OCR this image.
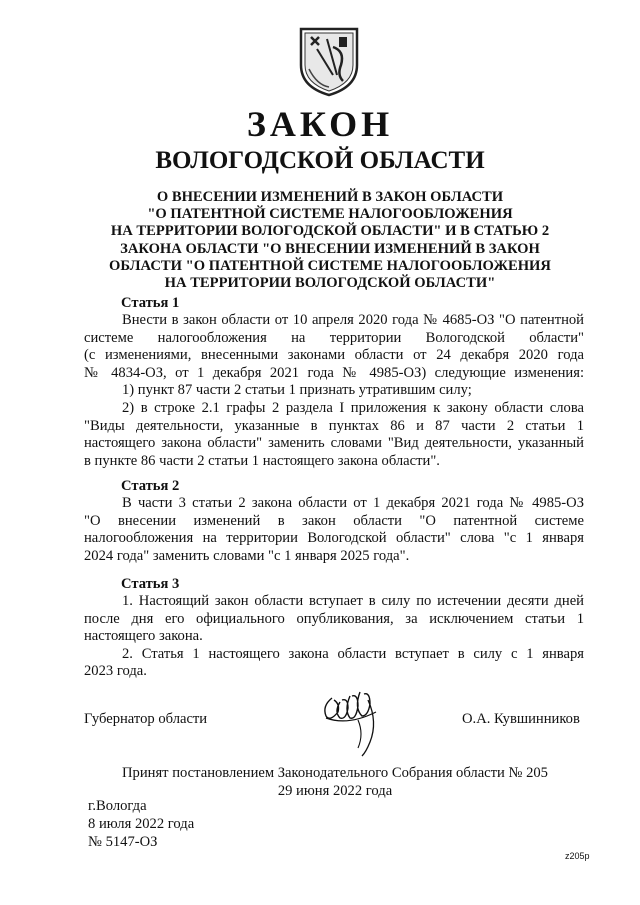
ЗАКОН
ВОЛОГОДСКОЙ ОБЛАСТИ
О ВНЕСЕНИИ ИЗМЕНЕНИЙ В ЗАКОН ОБЛАСТИ
"О ПАТЕНТНОЙ СИСТЕМЕ НАЛОГООБЛОЖЕНИЯ
НА ТЕРРИТОРИИ ВОЛОГОДСКОЙ ОБЛАСТИ" И В СТАТЬЮ 2
ЗАКОНА ОБЛАСТИ "О ВНЕСЕНИИ ИЗМЕНЕНИЙ В ЗАКОН
ОБЛАСТИ "О ПАТЕНТНОЙ СИСТЕМЕ НАЛОГООБЛОЖЕНИЯ
НА ТЕРРИТОРИИ ВОЛОГОДСКОЙ ОБЛАСТИ"
Статья 1
Внести в закон области от 10 апреля 2020 года № 4685-ОЗ "О патентной
системе налогообложения на территории Вологодской области"
(с изменениями, внесенными законами области от 24 декабря 2020 года
№ 4834-ОЗ, от 1 декабря 2021 года № 4985-ОЗ) следующие изменения:
1) пункт 87 части 2 статьи 1 признать утратившим силу;
2) в строке 2.1 графы 2 раздела I приложения к закону области слова
"Виды деятельности, указанные в пунктах 86 и 87 части 2 статьи 1
настоящего закона области" заменить словами "Вид деятельности, указанный
в пункте 86 части 2 статьи 1 настоящего закона области".
Статья 2
В части 3 статьи 2 закона области от 1 декабря 2021 года № 4985-ОЗ
"О внесении изменений в закон области "О патентной системе
налогообложения на территории Вологодской области" слова "с 1 января
2024 года" заменить словами "с 1 января 2025 года".
Статья 3
1. Настоящий закон области вступает в силу по истечении десяти дней
после дня его официального опубликования, за исключением статьи 1
настоящего закона.
2. Статья 1 настоящего закона области вступает в силу с 1 января
2023 года.
Губернатор области	О.А. Кувшинников
Принят постановлением Законодательного Собрания области № 205
29 июня 2022 года
г.Вологда
8 июля 2022 года
№ 5147-ОЗ
z205p
